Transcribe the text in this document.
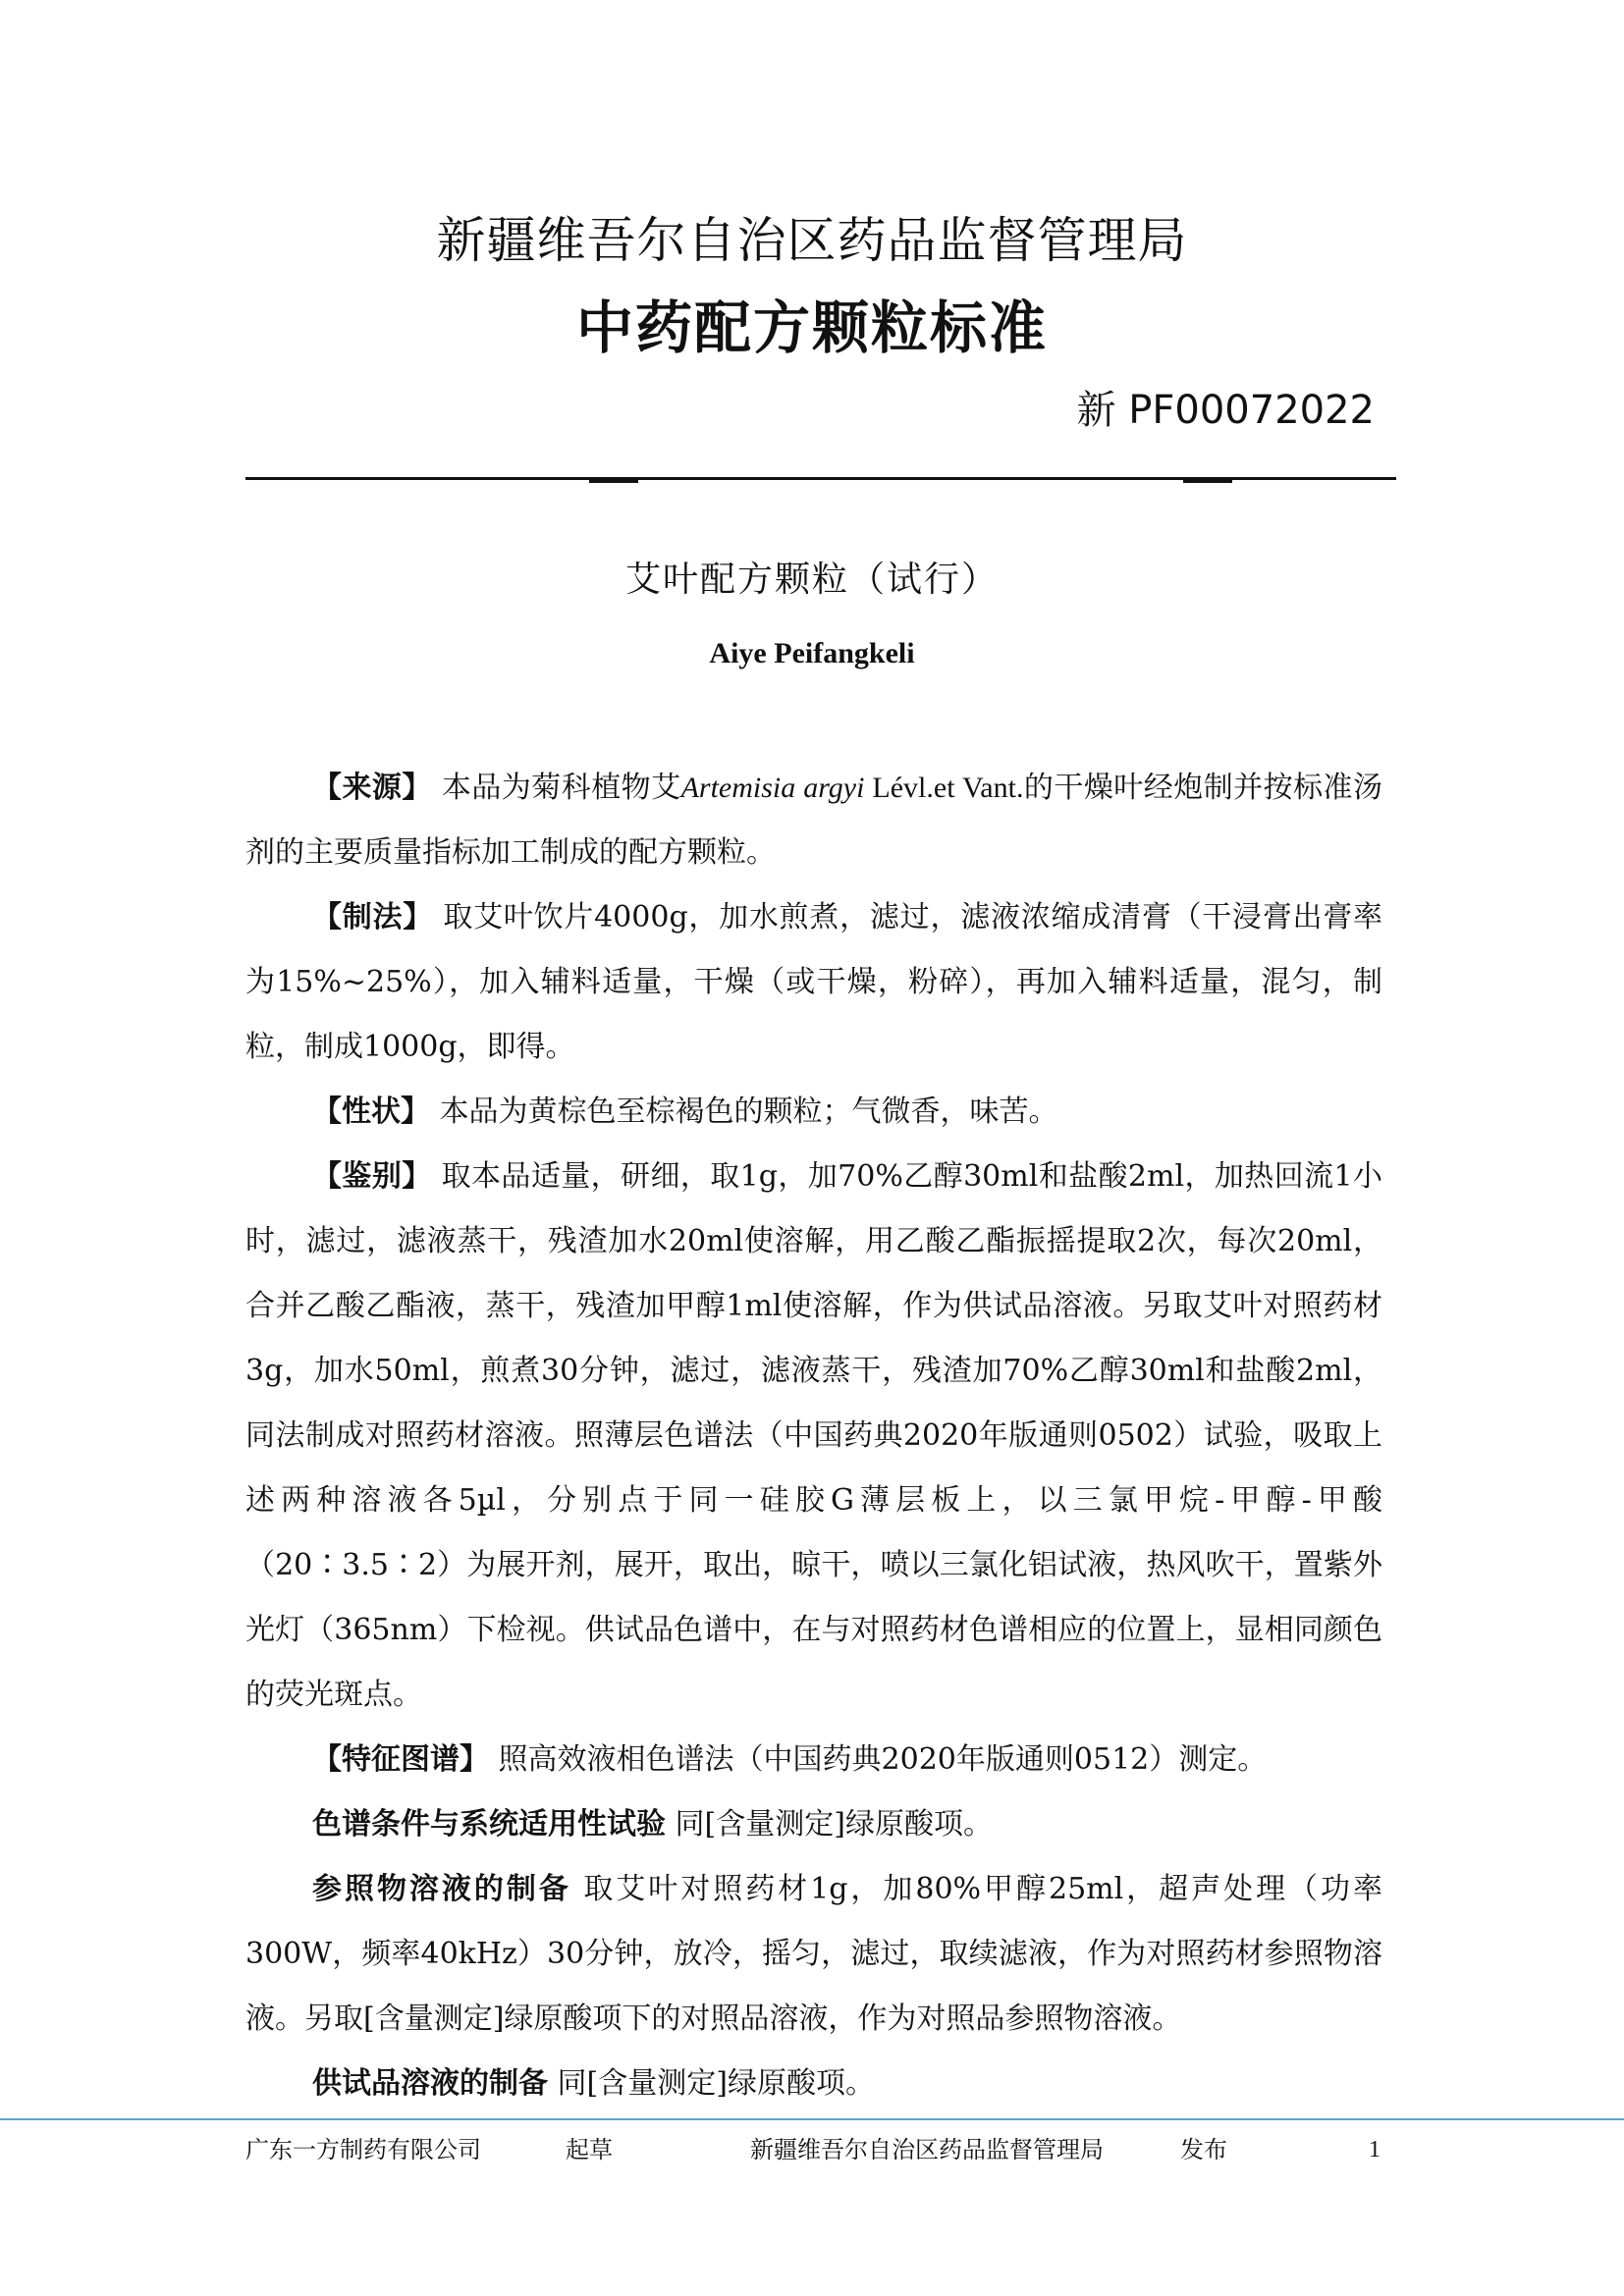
新疆维吾尔自治区药品监督管理局
中药配方颗粒标准
新 PF00072022
艾叶配方颗粒（试行）
Aiye Peifangkeli

【来源】 本品为菊科植物艾Artemisia argyi Lévl.et Vant.的干燥叶经炮制并按标准汤剂的主要质量指标加工制成的配方颗粒。

【制法】 取艾叶饮片4000g，加水煎煮，滤过，滤液浓缩成清膏（干浸膏出膏率为15%~25%），加入辅料适量，干燥（或干燥，粉碎），再加入辅料适量，混匀，制粒，制成1000g，即得。

【性状】 本品为黄棕色至棕褐色的颗粒；气微香，味苦。

【鉴别】 取本品适量，研细，取1g，加70%乙醇30ml和盐酸2ml，加热回流1小时，滤过，滤液蒸干，残渣加水20ml使溶解，用乙酸乙酯振摇提取2次，每次20ml，合并乙酸乙酯液，蒸干，残渣加甲醇1ml使溶解，作为供试品溶液。另取艾叶对照药材3g，加水50ml，煎煮30分钟，滤过，滤液蒸干，残渣加70%乙醇30ml和盐酸2ml，同法制成对照药材溶液。照薄层色谱法（中国药典2020年版通则0502）试验，吸取上述两种溶液各5µl，分别点于同一硅胶G薄层板上，以三氯甲烷-甲醇-甲酸（20∶3.5∶2）为展开剂，展开，取出，晾干，喷以三氯化铝试液，热风吹干，置紫外光灯（365nm）下检视。供试品色谱中，在与对照药材色谱相应的位置上，显相同颜色的荧光斑点。

【特征图谱】 照高效液相色谱法（中国药典2020年版通则0512）测定。

色谱条件与系统适用性试验 同[含量测定]绿原酸项。

参照物溶液的制备 取艾叶对照药材1g，加80%甲醇25ml，超声处理（功率300W，频率40kHz）30分钟，放冷，摇匀，滤过，取续滤液，作为对照药材参照物溶液。另取[含量测定]绿原酸项下的对照品溶液，作为对照品参照物溶液。

供试品溶液的制备 同[含量测定]绿原酸项。

广东一方制药有限公司	起草	新疆维吾尔自治区药品监督管理局	发布	1
